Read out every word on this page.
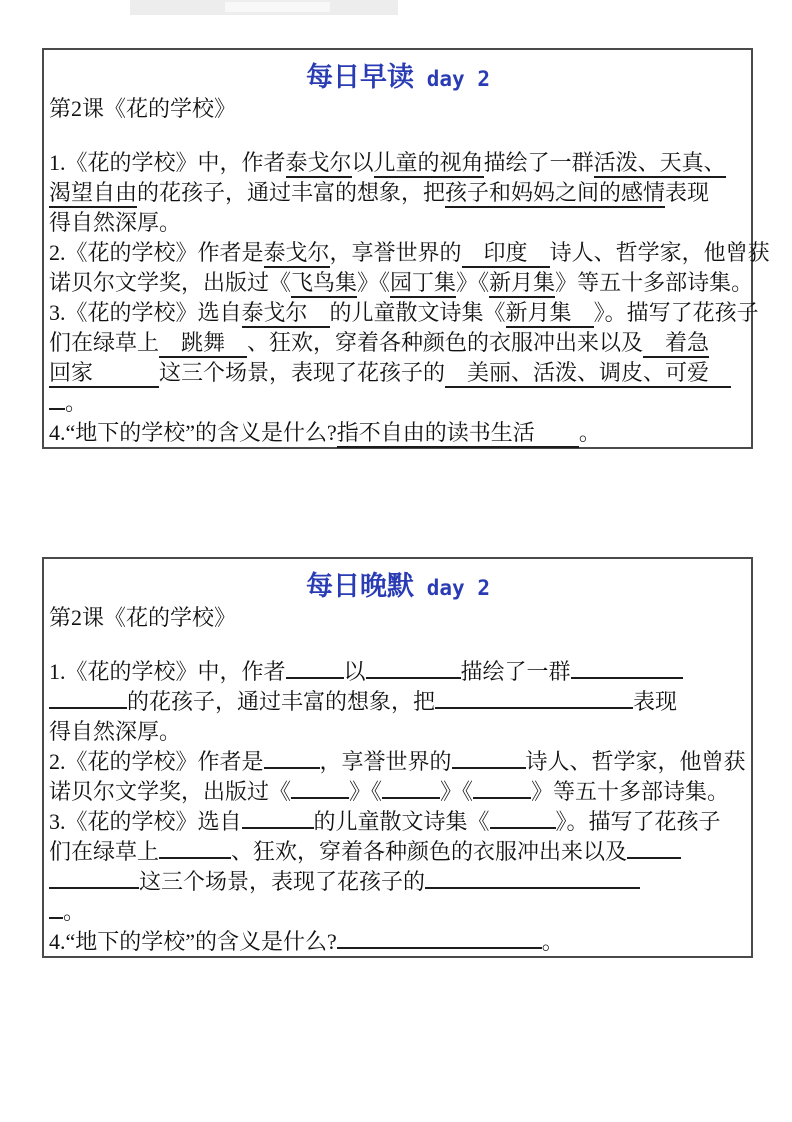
每日早读 day 2
第2课《花的学校》
1.《花的学校》中，作者泰戈尔以儿童的视角描绘了一群活泼、天真、
渴望自由的花孩子，通过丰富的想象，把孩子和妈妈之间的感情表现
得自然深厚。
2.《花的学校》作者是泰戈尔，享誉世界的　印度　诗人、哲学家，他曾获
诺贝尔文学奖，出版过《飞鸟集》《园丁集》《新月集》等五十多部诗集。
3.《花的学校》选自泰戈尔　的儿童散文诗集《新月集　》。描写了花孩子
们在绿草上　跳舞　、狂欢，穿着各种颜色的衣服冲出来以及　着急
回家　　　这三个场景，表现了花孩子的　美丽、活泼、调皮、可爱　
。
4.“地下的学校”的含义是什么?指不自由的读书生活　　。
每日晚默 day 2
第2课《花的学校》
1.《花的学校》中，作者	以	描绘了一群
的花孩子，通过丰富的想象，把	表现
得自然深厚。
2.《花的学校》作者是	，享誉世界的	诗人、哲学家，他曾获
诺贝尔文学奖，出版过《	》《	》《	》等五十多部诗集。
3.《花的学校》选自	的儿童散文诗集《	》。描写了花孩子
们在绿草上	、狂欢，穿着各种颜色的衣服冲出来以及
这三个场景，表现了花孩子的
。
4.“地下的学校”的含义是什么?	。
